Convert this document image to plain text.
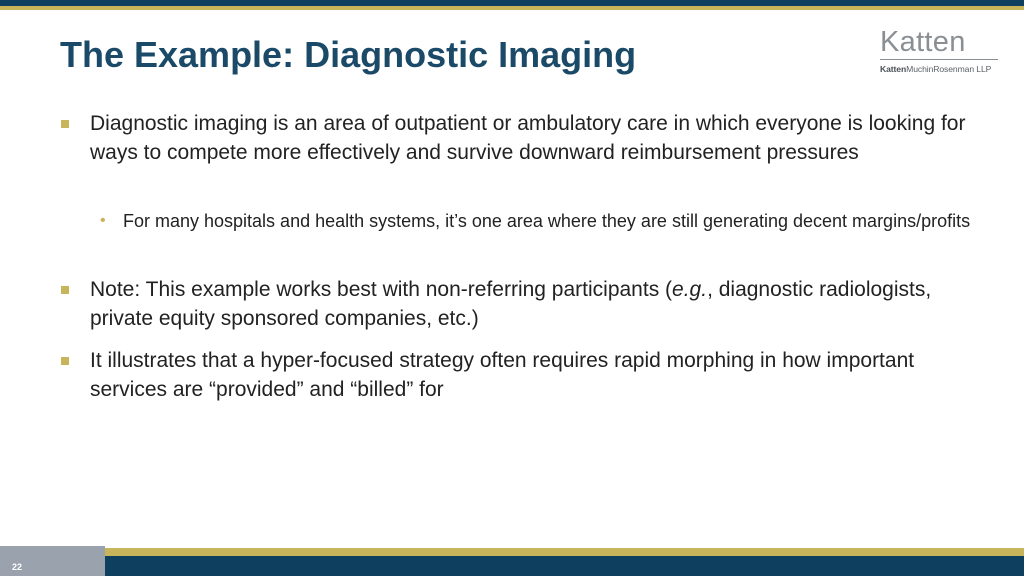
The Example: Diagnostic Imaging	Katten
KattenMuchinRosenman LLP
Diagnostic imaging is an area of outpatient or ambulatory care in which everyone is looking for ways to compete more effectively and survive downward reimbursement pressures
• For many hospitals and health systems, it’s one area where they are still generating decent margins/profits
Note: This example works best with non-referring participants (e.g., diagnostic radiologists, private equity sponsored companies, etc.)
It illustrates that a hyper-focused strategy often requires rapid morphing in how important services are “provided” and “billed” for
22
